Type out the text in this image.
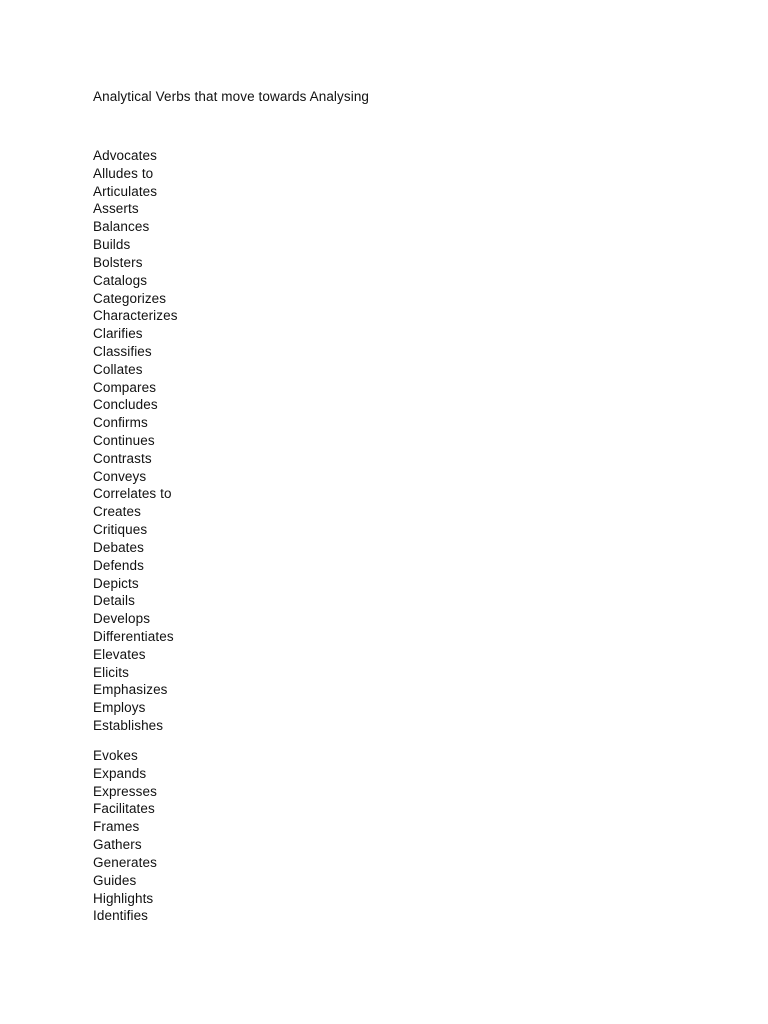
Analytical Verbs that move towards Analysing
Advocates
Alludes to
Articulates
Asserts
Balances
Builds
Bolsters
Catalogs
Categorizes
Characterizes
Clarifies
Classifies
Collates
Compares
Concludes
Confirms
Continues
Contrasts
Conveys
Correlates to
Creates
Critiques
Debates
Defends
Depicts
Details
Develops
Differentiates
Elevates
Elicits
Emphasizes
Employs
Establishes
Evokes
Expands
Expresses
Facilitates
Frames
Gathers
Generates
Guides
Highlights
Identifies
